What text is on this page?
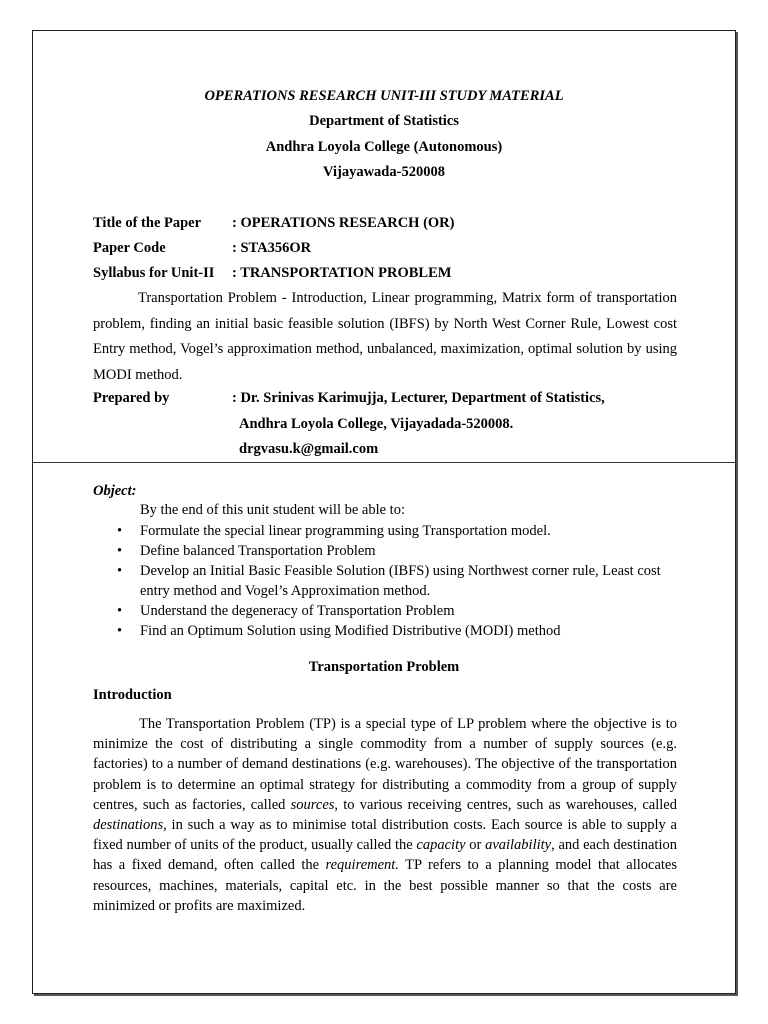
OPERATIONS RESEARCH UNIT-III STUDY MATERIAL
Department of Statistics
Andhra Loyola College (Autonomous)
Vijayawada-520008
Title of the Paper : OPERATIONS RESEARCH (OR)
Paper Code	: STA356OR
Syllabus for Unit-II : TRANSPORTATION PROBLEM

Transportation Problem - Introduction, Linear programming, Matrix form of transportation problem, finding an initial basic feasible solution (IBFS) by North West Corner Rule, Lowest cost Entry method, Vogel’s approximation method, unbalanced, maximization, optimal solution by using MODI method.

Prepared by	: Dr. Srinivas Karimujja, Lecturer, Department of Statistics,
Andhra Loyola College, Vijayadada-520008.
drgvasu.k@gmail.com
Object:
By the end of this unit student will be able to:
• Formulate the special linear programming using Transportation model.
• Define balanced Transportation Problem
• Develop an Initial Basic Feasible Solution (IBFS) using Northwest corner rule, Least cost entry method and Vogel’s Approximation method.
• Understand the degeneracy of Transportation Problem
• Find an Optimum Solution using Modified Distributive (MODI) method
Transportation Problem
Introduction

The Transportation Problem (TP) is a special type of LP problem where the objective is to minimize the cost of distributing a single commodity from a number of supply sources (e.g. factories) to a number of demand destinations (e.g. warehouses). The objective of the transportation problem is to determine an optimal strategy for distributing a commodity from a group of supply centres, such as factories, called sources, to various receiving centres, such as warehouses, called destinations, in such a way as to minimise total distribution costs. Each source is able to supply a fixed number of units of the product, usually called the capacity or availability, and each destination has a fixed demand, often called the requirement. TP refers to a planning model that allocates resources, machines, materials, capital etc. in the best possible manner so that the costs are minimized or profits are maximized.
